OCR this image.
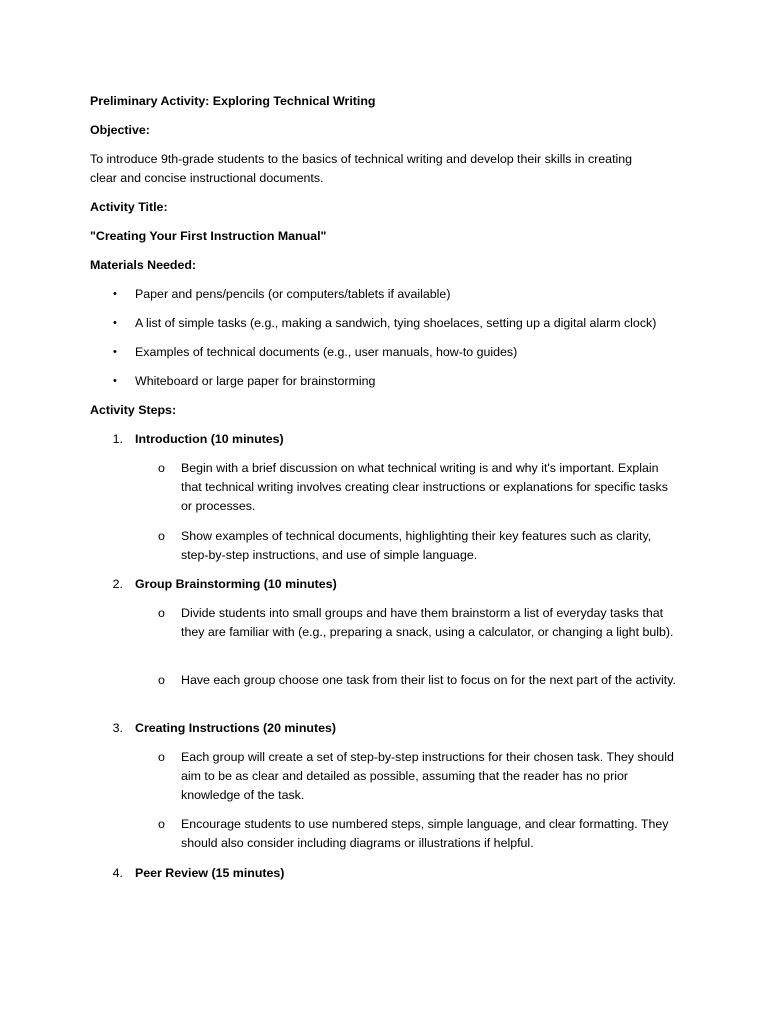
Preliminary Activity: Exploring Technical Writing
Objective:
To introduce 9th-grade students to the basics of technical writing and develop their skills in creating clear and concise instructional documents.
Activity Title:
"Creating Your First Instruction Manual"
Materials Needed:
• Paper and pens/pencils (or computers/tablets if available)
• A list of simple tasks (e.g., making a sandwich, tying shoelaces, setting up a digital alarm clock)
• Examples of technical documents (e.g., user manuals, how-to guides)
• Whiteboard or large paper for brainstorming
Activity Steps:
1. Introduction (10 minutes)
o Begin with a brief discussion on what technical writing is and why it's important. Explain that technical writing involves creating clear instructions or explanations for specific tasks or processes.
o Show examples of technical documents, highlighting their key features such as clarity, step-by-step instructions, and use of simple language.
2. Group Brainstorming (10 minutes)
o Divide students into small groups and have them brainstorm a list of everyday tasks that they are familiar with (e.g., preparing a snack, using a calculator, or changing a light bulb).
o Have each group choose one task from their list to focus on for the next part of the activity.
3. Creating Instructions (20 minutes)
o Each group will create a set of step-by-step instructions for their chosen task. They should aim to be as clear and detailed as possible, assuming that the reader has no prior knowledge of the task.
o Encourage students to use numbered steps, simple language, and clear formatting. They should also consider including diagrams or illustrations if helpful.
4. Peer Review (15 minutes)
